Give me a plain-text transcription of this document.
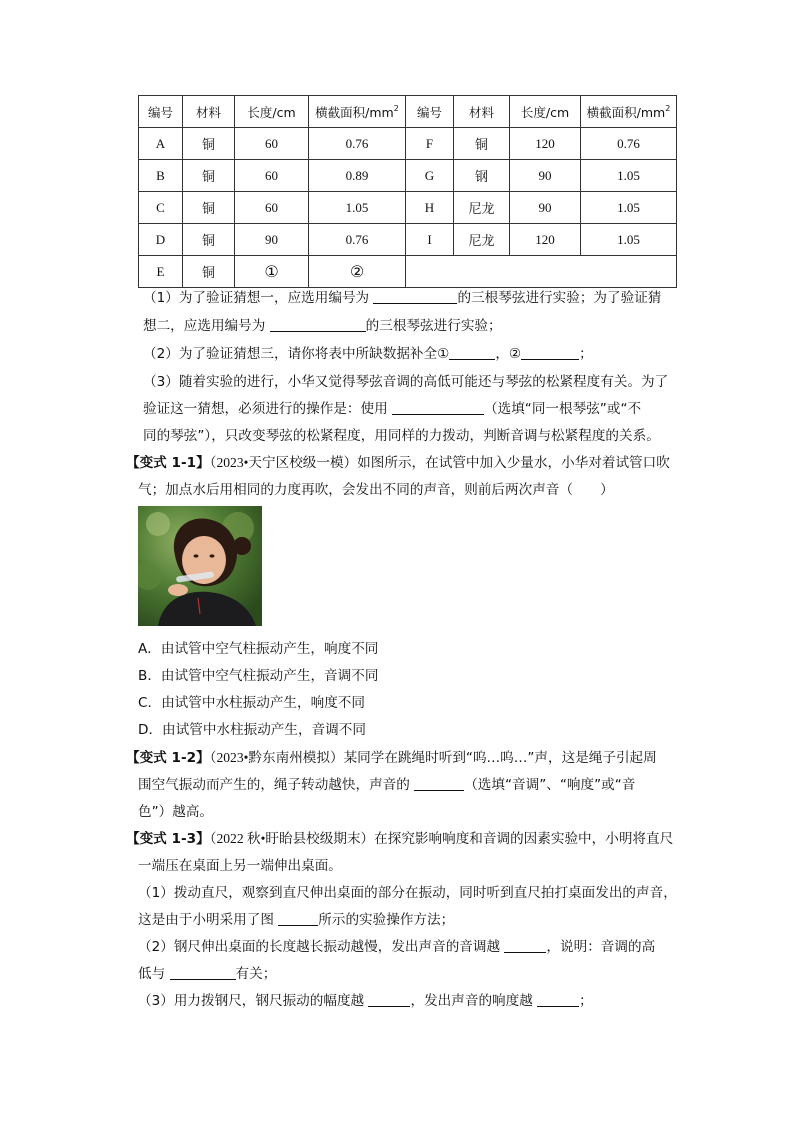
编号	材料	长度/cm	横截面积$/mm^2$	编号	材料	长度/cm	横截面积$/mm^2$
A	铜	60	0.76	F	铜	120	0.76
B	铜	60	0.89	G	钢	90	1.05
C	铜	60	1.05	H	尼龙	90	1.05
D	铜	90	0.76	I	尼龙	120	1.05
E	铜	①	②				
（1）为了验证猜想一，应选用编号为	的三根琴弦进行实验；为了验证猜
想二，应选用编号为	的三根琴弦进行实验；
（2）为了验证猜想三，请你将表中所缺数据补全①	，②	；
（3）随着实验的进行，小华又觉得琴弦音调的高低可能还与琴弦的松紧程度有关。为了
验证这一猜想，必须进行的操作是：使用	（选填“同一根琴弦”或“不
同的琴弦”），只改变琴弦的松紧程度，用同样的力拨动，判断音调与松紧程度的关系。
【变式 1-1】（2023•天宁区校级一模）如图所示，在试管中加入少量水，小华对着试管口吹
气；加点水后用相同的力度再吹，会发出不同的声音，则前后两次声音（　　）
A．由试管中空气柱振动产生，响度不同
B．由试管中空气柱振动产生，音调不同
C．由试管中水柱振动产生，响度不同
D．由试管中水柱振动产生，音调不同
【变式 1-2】（2023•黔东南州模拟）某同学在跳绳时听到“呜…呜…”声，这是绳子引起周
围空气振动而产生的，绳子转动越快，声音的	（选填“音调”、“响度”或“音
色”）越高。
【变式 1-3】（2022 秋•盱眙县校级期末）在探究影响响度和音调的因素实验中，小明将直尺
一端压在桌面上另一端伸出桌面。
（1）拨动直尺，观察到直尺伸出桌面的部分在振动，同时听到直尺拍打桌面发出的声音，
这是由于小明采用了图	所示的实验操作方法；
（2）钢尺伸出桌面的长度越长振动越慢，发出声音的音调越	，说明：音调的高
低与	有关；
（3）用力拨钢尺，钢尺振动的幅度越	，发出声音的响度越	；
